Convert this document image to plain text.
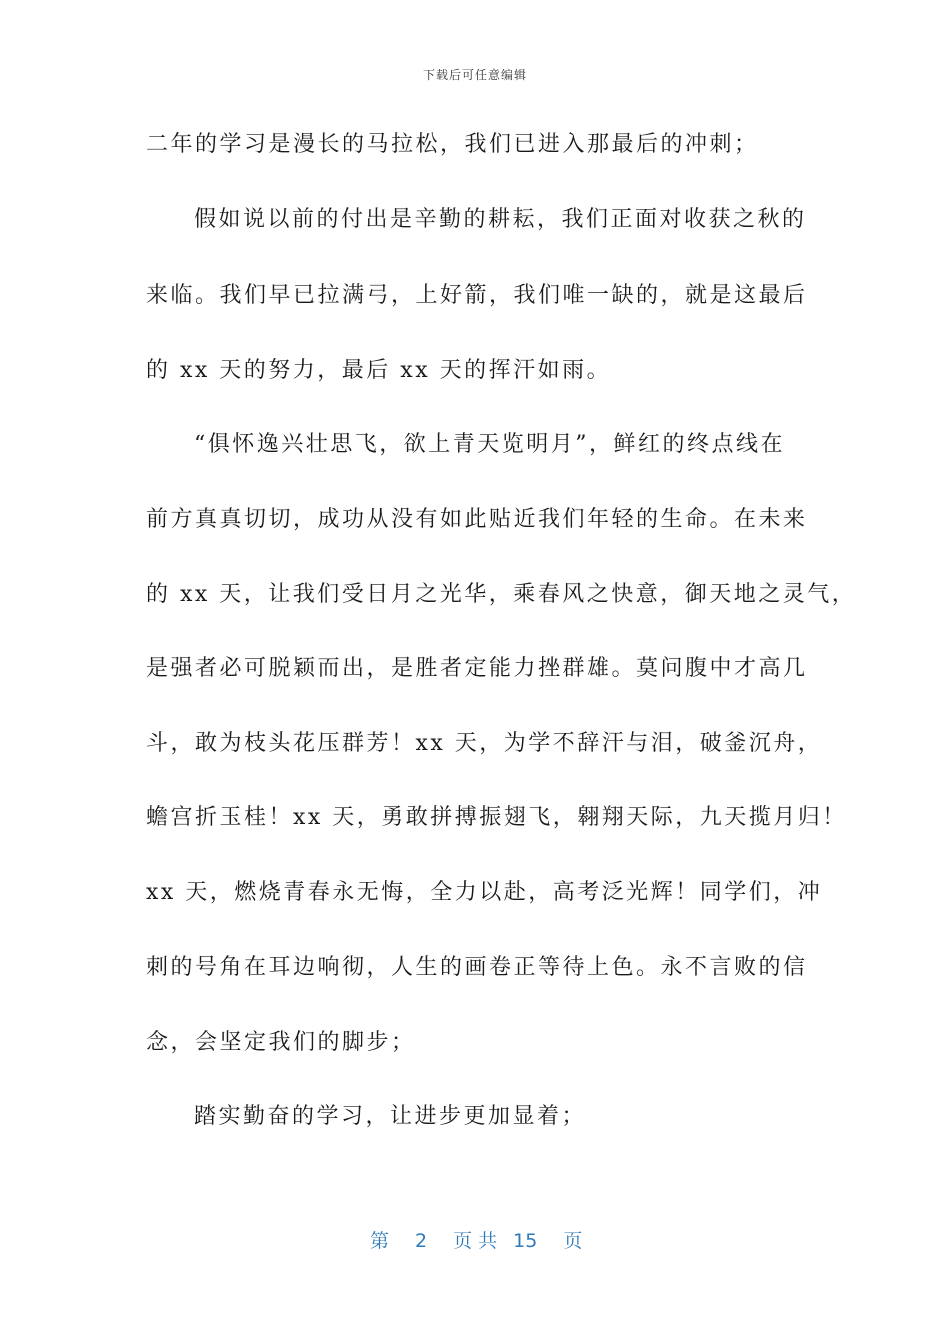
下载后可任意编辑
二年的学习是漫长的马拉松，我们已进入那最后的冲刺；
假如说以前的付出是辛勤的耕耘，我们正面对收获之秋的
来临。我们早已拉满弓，上好箭，我们唯一缺的，就是这最后
的 xx 天的努力，最后 xx 天的挥汗如雨。
“俱怀逸兴壮思飞，欲上青天览明月”，鲜红的终点线在
前方真真切切，成功从没有如此贴近我们年轻的生命。在未来
的 xx 天，让我们受日月之光华，乘春风之快意，御天地之灵气，
是强者必可脱颖而出，是胜者定能力挫群雄。莫问腹中才高几
斗，敢为枝头花压群芳！xx 天，为学不辞汗与泪，破釜沉舟，
蟾宫折玉桂！xx 天，勇敢拼搏振翅飞，翱翔天际，九天揽月归！
xx 天，燃烧青春永无悔，全力以赴，高考泛光辉！同学们，冲
刺的号角在耳边响彻，人生的画卷正等待上色。永不言败的信
念，会坚定我们的脚步；
踏实勤奋的学习，让进步更加显着；
第 2 页 共 15 页
